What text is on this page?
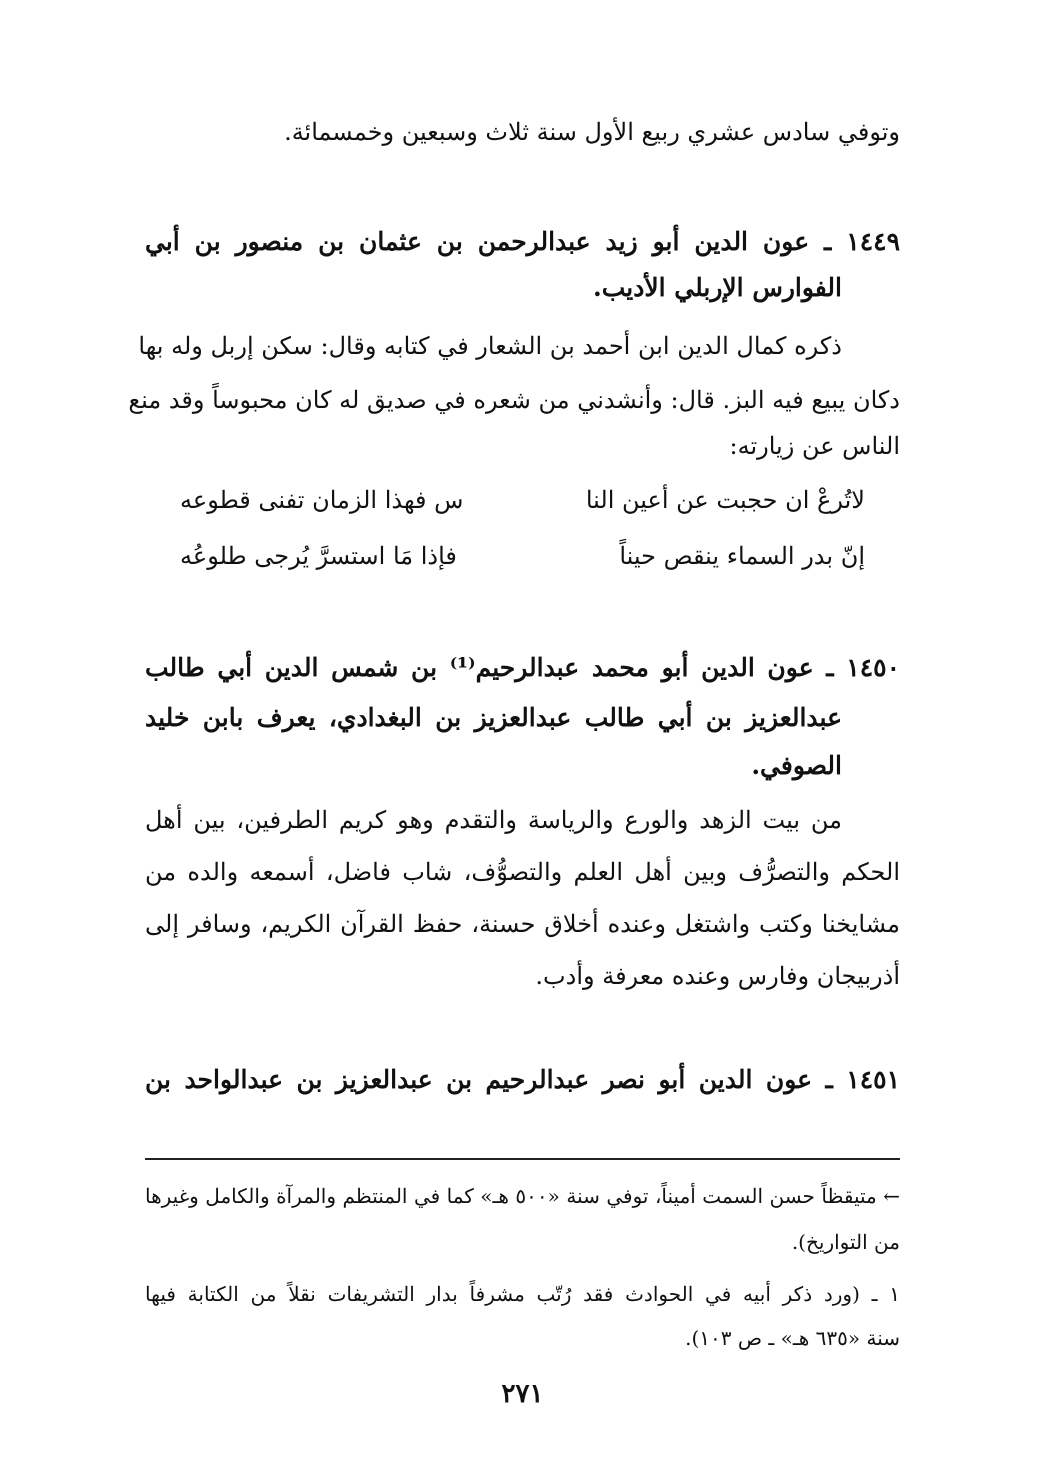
وتوفي سادس عشري ربيع الأول سنة ثلاث وسبعين وخمسمائة.
١٤٤٩ ـ عون الدين أبو زيد عبدالرحمن بن عثمان بن منصور بن أبي
الفوارس الإربلي الأديب.
ذكره كمال الدين ابن أحمد بن الشعار في كتابه وقال: سكن إربل وله بها
دكان يبيع فيه البز. قال: وأنشدني من شعره في صديق له كان محبوساً وقد منع
الناس عن زيارته:
لاتُرعْ ان حجبت عن أعين النا
س فهذا الزمان تفنى قطوعه
إنّ بدر السماء ينقص حيناً
فإذا مَا استسرَّ يُرجى طلوعُه
١٤٥٠ ـ عون الدين أبو محمد عبدالرحيم⁽¹⁾ بن شمس الدين أبي طالب
عبدالعزيز بن أبي طالب عبدالعزيز بن البغدادي، يعرف بابن خليد
الصوفي.
من بيت الزهد والورع والرياسة والتقدم وهو كريم الطرفين، بين أهل
الحكم والتصرُّف وبين أهل العلم والتصوُّف، شاب فاضل، أسمعه والده من
مشايخنا وكتب واشتغل وعنده أخلاق حسنة، حفظ القرآن الكريم، وسافر إلى
أذربيجان وفارس وعنده معرفة وأدب.
١٤٥١ ـ عون الدين أبو نصر عبدالرحيم بن عبدالعزيز بن عبدالواحد بن
← متيقظاً حسن السمت أميناً، توفي سنة «٥٠٠ هـ» كما في المنتظم والمرآة والكامل وغيرها
من التواريخ).
١ ـ (ورد ذكر أبيه في الحوادث فقد رُتّب مشرفاً بدار التشريفات نقلاً من الكتابة فيها
سنة «٦٣٥ هـ» ـ ص ١٠٣).
٢٧١
